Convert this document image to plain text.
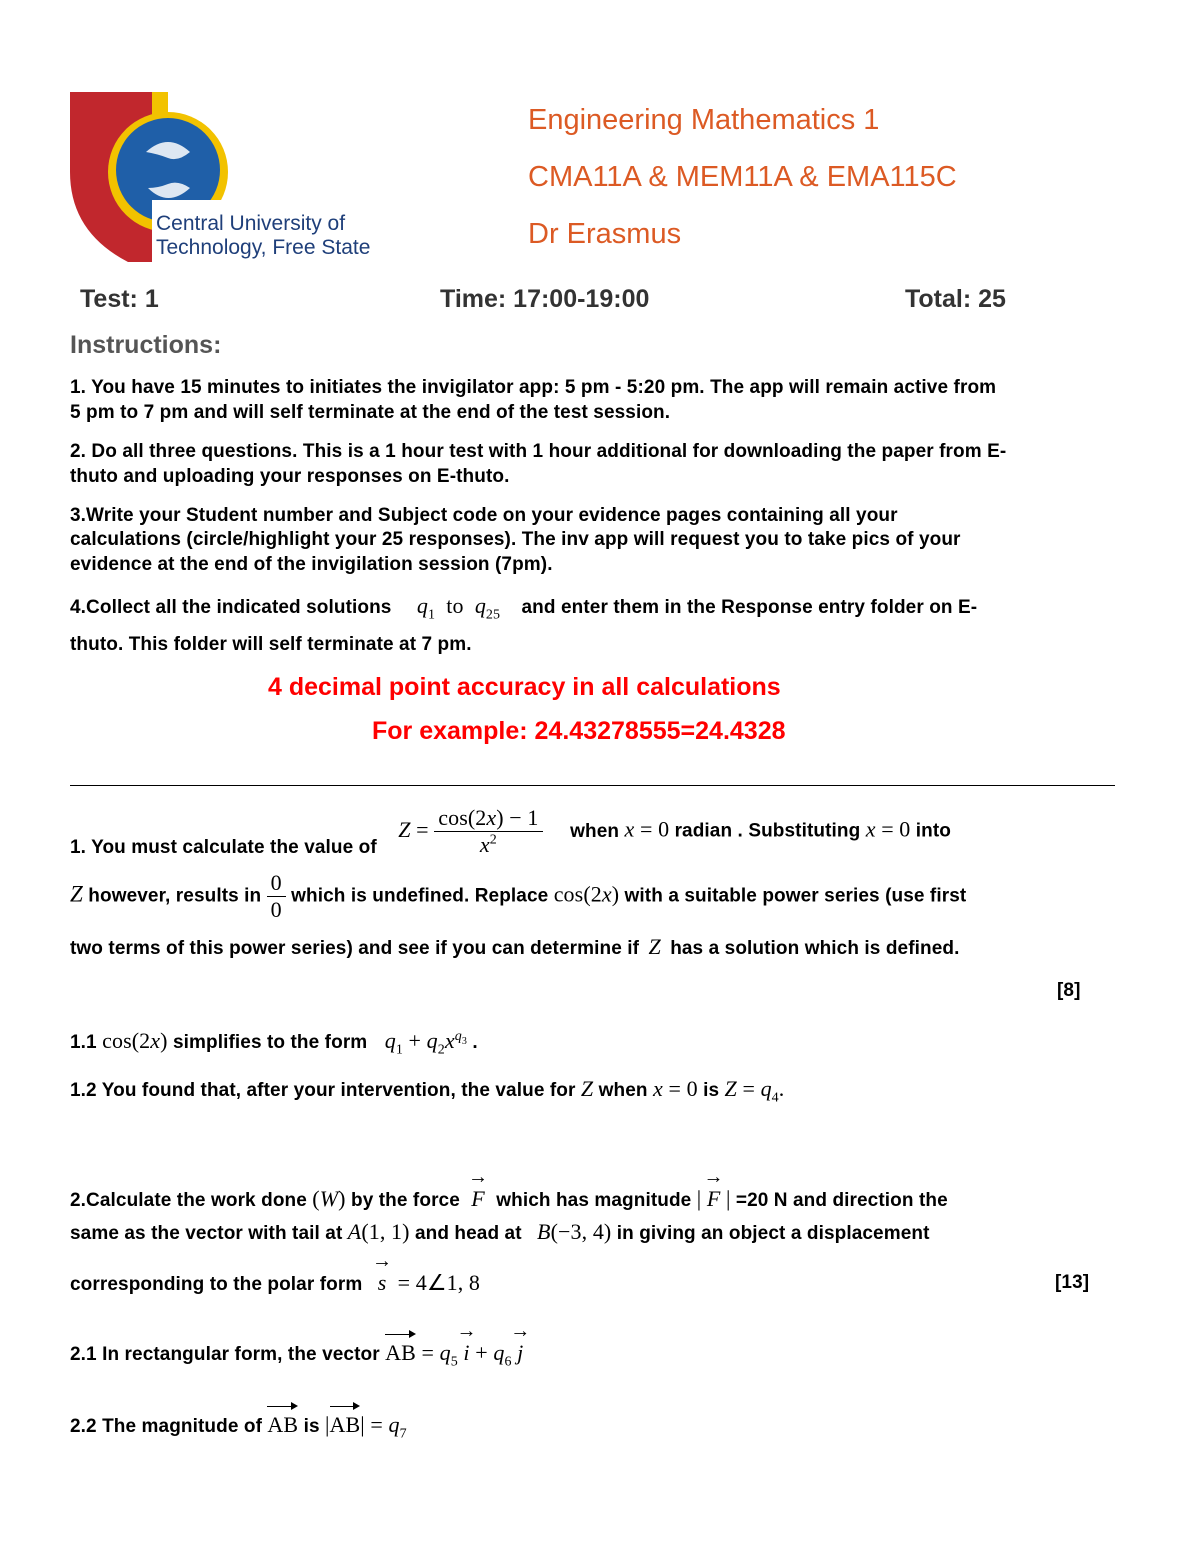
Central University of
Technology, Free State
Engineering Mathematics 1
CMA11A & MEM11A & EMA115C
Dr Erasmus
Test: 1	Time: 17:00-19:00	Total: 25
Instructions:
1. You have 15 minutes to initiates the invigilator app: 5 pm - 5:20 pm. The app will remain active from
5 pm to 7 pm and will self terminate at the end of the test session.
2. Do all three questions. This is a 1 hour test with 1 hour additional for downloading the paper from E-
thuto and uploading your responses on E-thuto.
3.Write your Student number and Subject code on your evidence pages containing all your
calculations (circle/highlight your 25 responses). The inv app will request you to take pics of your
evidence at the end of the invigilation session (7pm).
4.Collect all the indicated solutions $q_1$  to  $q_{25}$ and enter them in the Response entry folder on E-
thuto. This folder will self terminate at 7 pm.
4 decimal point accuracy in all calculations
For example: 24.43278555=24.4328
1. You must calculate the value of $Z = \frac{\cos(2x) - 1}{x^2}$ when x = 0 radian . Substituting x = 0 into
Z however, results in $\frac{0}{0}$ which is undefined. Replace cos(2x) with a suitable power series (use first
two terms of this power series) and see if you can determine if Z has a solution which is defined.
[8]
1.1 cos(2x) simplifies to the form $q_1 + q_2x^{q_3}$ .
1.2 You found that, after your intervention, the value for Z when x = 0 is $Z = q_4$.
2.Calculate the work done (W) by the force → F which has magnitude | → F | =20 N and direction the
same as the vector with tail at A(1, 1) and head at B(−3, 4) in giving an object a displacement
corresponding to the polar form → s  = 4∠1, 8	[13]
2.1 In rectangular form, the vector AB = $q_5 \to i + q_6 \to j$
2.2 The magnitude of AB is $|AB| = q_7$
